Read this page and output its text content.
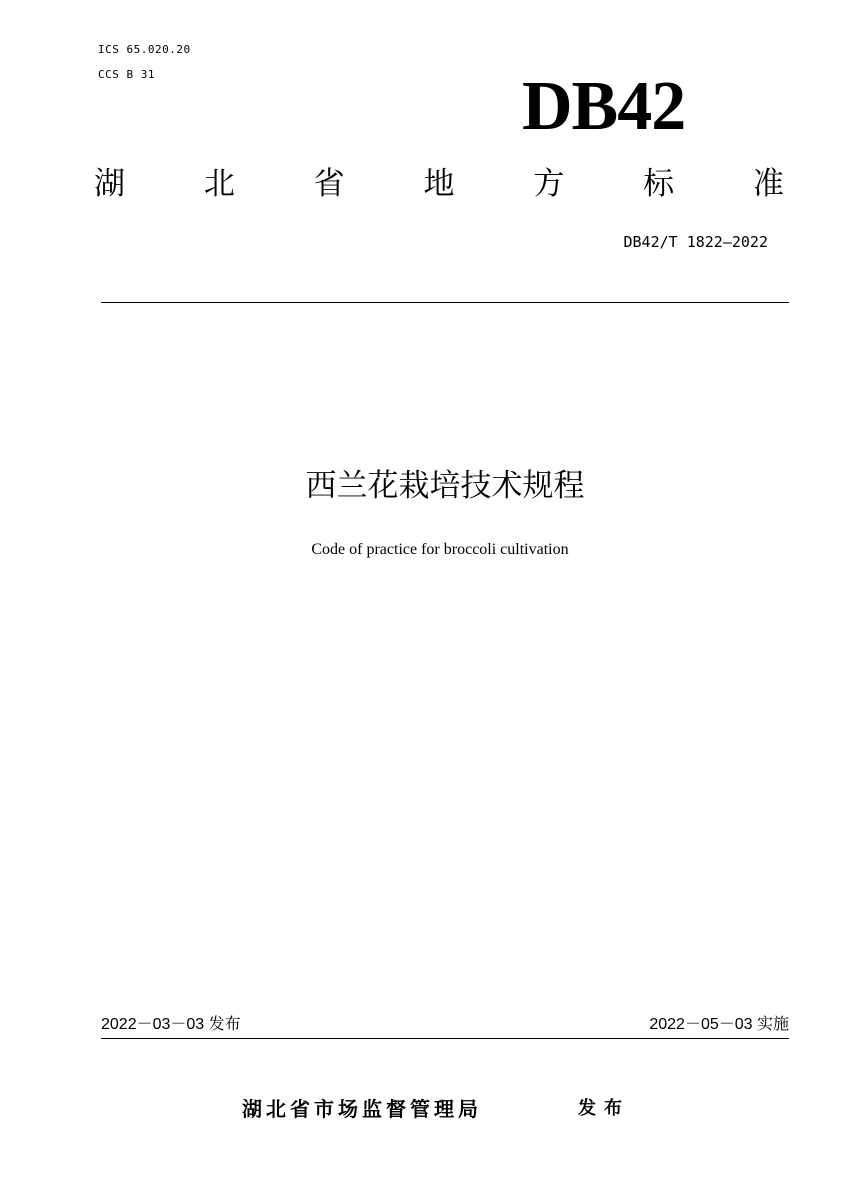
ICS 65.020.20
CCS B 31	DB42
湖	北	省	地	方	标	准
DB42/T 1822—2022
西兰花栽培技术规程
Code of practice for broccoli cultivation
2022－03－03 发布	2022－05－03 实施
湖北省市场监督管理局	发布
